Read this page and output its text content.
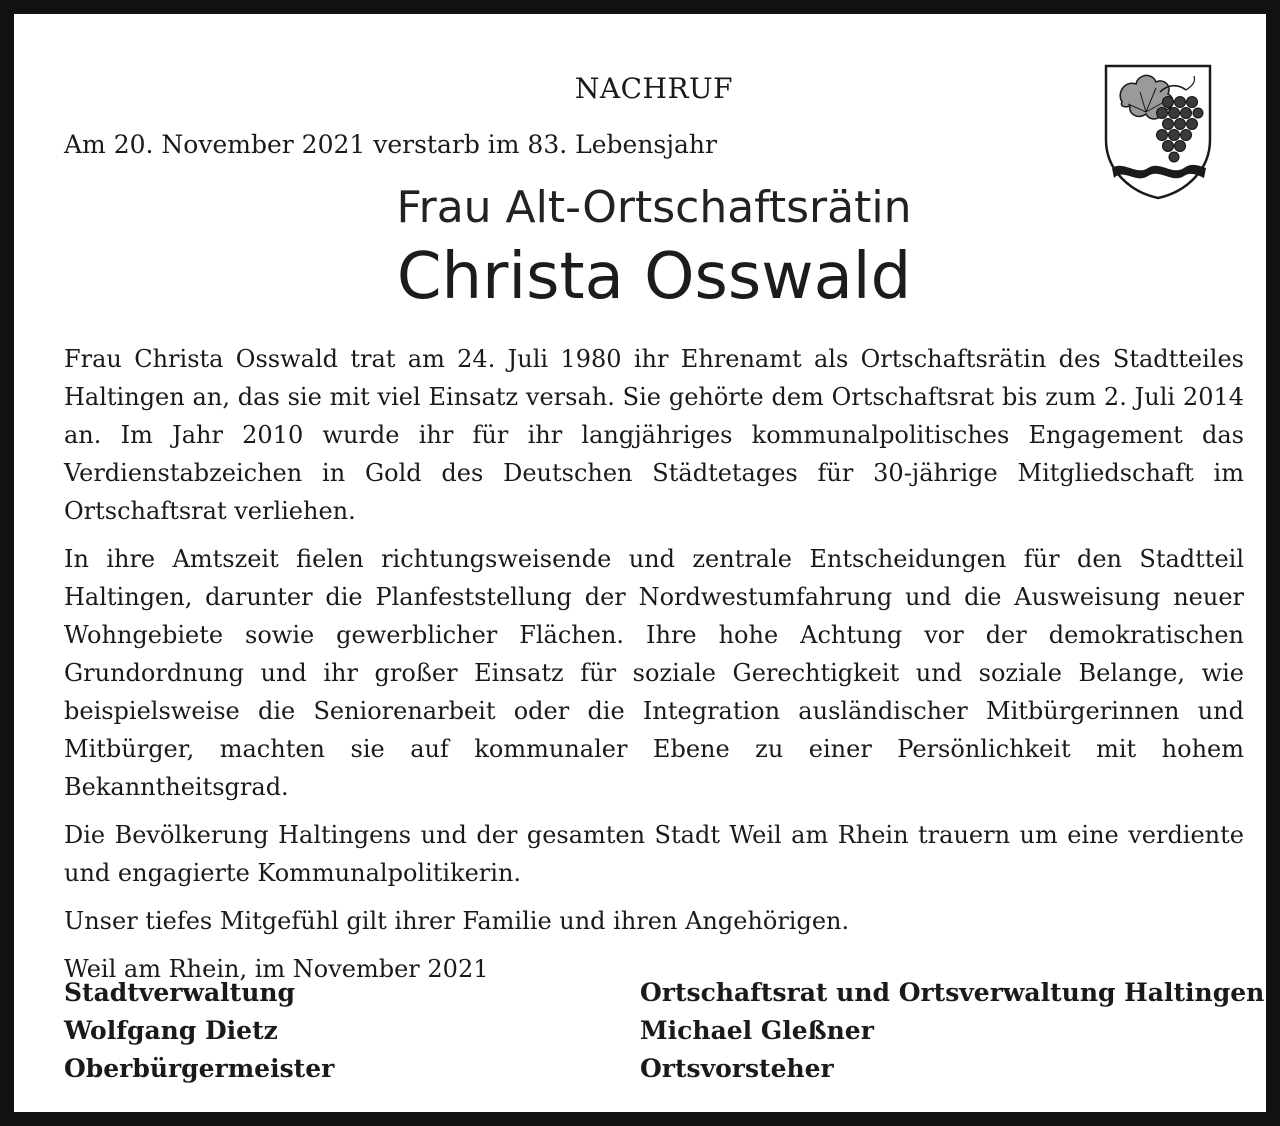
NACHRUF

Am 20. November 2021 verstarb im 83. Lebensjahr

Frau Alt-Ortschaftsrätin
Christa Osswald

Frau Christa Osswald trat am 24. Juli 1980 ihr Ehrenamt als Ortschaftsrätin des Stadtteiles Haltingen an, das sie mit viel Einsatz versah. Sie gehörte dem Ortschaftsrat bis zum 2. Juli 2014 an. Im Jahr 2010 wurde ihr für ihr langjähriges kommunalpolitisches Engagement das Verdienstabzeichen in Gold des Deutschen Städtetages für 30-jährige Mitgliedschaft im Ortschaftsrat verliehen.

In ihre Amtszeit fielen richtungsweisende und zentrale Entscheidungen für den Stadtteil Haltingen, darunter die Planfeststellung der Nordwestumfahrung und die Ausweisung neuer Wohngebiete sowie gewerblicher Flächen. Ihre hohe Achtung vor der demokratischen Grundordnung und ihr großer Einsatz für soziale Gerechtigkeit und soziale Belange, wie beispielsweise die Seniorenarbeit oder die Integration ausländischer Mitbürgerinnen und Mitbürger, machten sie auf kommunaler Ebene zu einer Persönlichkeit mit hohem Bekanntheitsgrad.

Die Bevölkerung Haltingens und der gesamten Stadt Weil am Rhein trauern um eine verdiente und engagierte Kommunalpolitikerin.

Unser tiefes Mitgefühl gilt ihrer Familie und ihren Angehörigen.

Weil am Rhein, im November 2021

Stadtverwaltung
Wolfgang Dietz
Oberbürgermeister
Ortschaftsrat und Ortsverwaltung Haltingen
Michael Gleßner
Ortsvorsteher
